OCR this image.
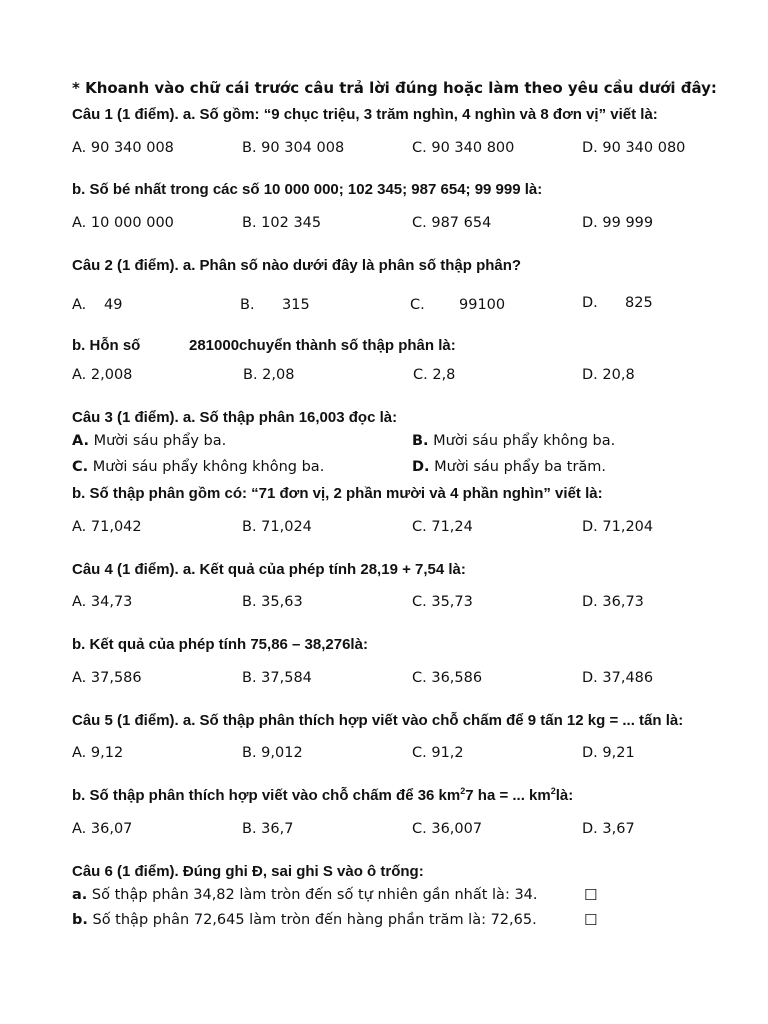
* Khoanh vào chữ cái trước câu trả lời đúng hoặc làm theo yêu cầu dưới đây:
Câu 1 (1 điểm). a. Số gồm: “9 chục triệu, 3 trăm nghìn, 4 nghìn và 8 đơn vị” viết là:
A. 90 340 008	B. 90 304 008	C. 90 340 800	D. 90 340 080
b. Số bé nhất trong các số 10 000 000; 102 345; 987 654; 99 999 là:
A. 10 000 000	B. 102 345	C. 987 654	D. 99 999
Câu 2 (1 điểm). a. Phân số nào dưới đây là phân số thập phân?
A. 49	B. 315	C. 99100	D. 825
b. Hỗn số	281000chuyển thành số thập phân là:
A. 2,008	B. 2,08	C. 2,8	D. 20,8
Câu 3 (1 điểm). a. Số thập phân 16,003 đọc là:
A. Mười sáu phẩy ba.	B. Mười sáu phẩy không ba.
C. Mười sáu phẩy không không ba.	D. Mười sáu phẩy ba trăm.
b. Số thập phân gồm có: “71 đơn vị, 2 phần mười và 4 phần nghìn” viết là:
A. 71,042	B. 71,024	C. 71,24	D. 71,204
Câu 4 (1 điểm). a. Kết quả của phép tính 28,19 + 7,54 là:
A. 34,73	B. 35,63	C. 35,73	D. 36,73
b. Kết quả của phép tính 75,86 – 38,276là:
A. 37,586	B. 37,584	C. 36,586	D. 37,486
Câu 5 (1 điểm). a. Số thập phân thích hợp viết vào chỗ chấm để 9 tấn 12 kg = ... tấn là:
A. 9,12	B. 9,012	C. 91,2	D. 9,21
b. Số thập phân thích hợp viết vào chỗ chấm để 36 $km^27$ ha = ... $km^2là$:
A. 36,07	B. 36,7	C. 36,007	D. 3,67
Câu 6 (1 điểm). Đúng ghi Đ, sai ghi S vào ô trống:
a. Số thập phân 34,82 làm tròn đến số tự nhiên gần nhất là: 34.	☐
b. Số thập phân 72,645 làm tròn đến hàng phần trăm là: 72,65.	☐
